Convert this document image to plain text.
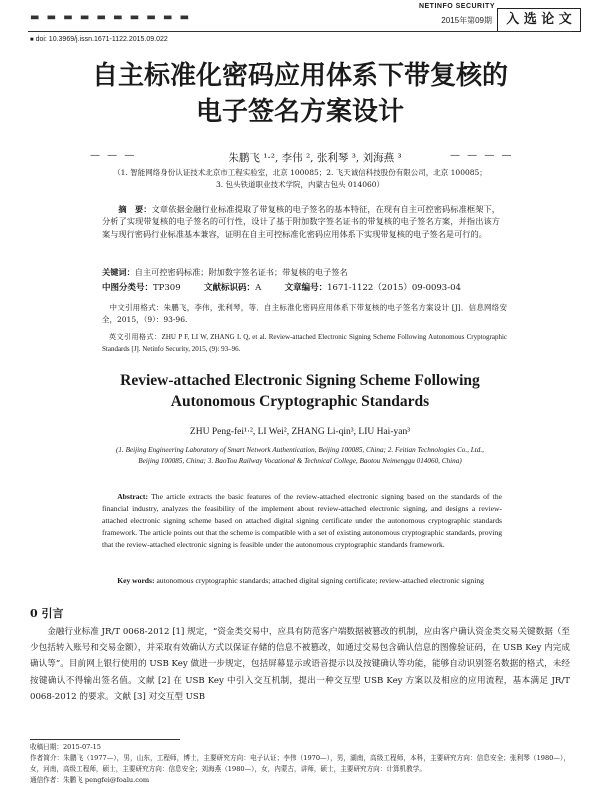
▬ ▬ ▬ ▬ ▬ ▬ ▬ ▬ ▬ ▬
NETINFO SECURITY
2015年第09期	入 选 论 文
■ doi: 10.3969/j.issn.1671-1122.2015.09.022
自主标准化密码应用体系下带复核的
电子签名方案设计
— — —	朱鹏飞 ¹·², 李伟 ², 张利琴 ³, 刘海燕 ³	— — — —
（1. 智能网络身份认证技术北京市工程实验室，北京 100085；2. 飞天诚信科技股份有限公司，北京 100085；
3. 包头铁道职业技术学院，内蒙古包头 014060）
摘　要：文章依据金融行业标准提取了带复核的电子签名的基本特征，在现有自主可控密码标准框架下，分析了实现带复核的电子签名的可行性，设计了基于附加数字签名证书的带复核的电子签名方案，并指出该方案与现行密码行业标准基本兼容，证明在自主可控标准化密码应用体系下实现带复核的电子签名是可行的。
关键词：自主可控密码标准；附加数字签名证书；带复核的电子签名
中图分类号：TP309	文献标识码：A	文章编号：1671-1122（2015）09-0093-04
中文引用格式：朱鹏飞，李伟，张利琴，等．自主标准化密码应用体系下带复核的电子签名方案设计 [J]．信息网络安全，2015，（9）：93-96.
英文引用格式：ZHU P F, LI W, ZHANG L Q, et al. Review-attached Electronic Signing Scheme Following Autonomous Cryptographic Standards [J]. Netinfo Security, 2015, (9): 93–96.
Review-attached Electronic Signing Scheme Following
Autonomous Cryptographic Standards
ZHU Peng-fei¹·², LI Wei², ZHANG Li-qin³, LIU Hai-yan³
(1. Beijing Engineering Laboratory of Smart Network Authentication, Beijing 100085, China; 2. Feitian Technologies Co., Ltd., Beijing 100085, China; 3. BaoTou Railway Vocational & Technical College, Baotou Neimenggu 014060, China)
Abstract: The article extracts the basic features of the review-attached electronic signing based on the standards of the financial industry, analyzes the feasibility of the implement about review-attached electronic signing, and designs a review-attached electronic signing scheme based on attached digital signing certificate under the autonomous cryptographic standards framework. The article points out that the scheme is compatible with a set of existing autonomous cryptographic standards, proving that the review-attached electronic signing is feasible under the autonomous cryptographic standards framework.
Key words: autonomous cryptographic standards; attached digital signing certificate; review-attached electronic signing
0 引言
金融行业标准 JR/T 0068-2012 [1] 规定，“资金类交易中，应具有防范客户端数据被篡改的机制，应由客户确认资金类交易关键数据（至少包括转入账号和交易金额），并采取有效确认方式以保证存储的信息不被篡改，如通过交易包含确认信息的图像验证码，在 USB Key 内完成确认等”。目前网上银行使用的 USB Key 做进一步规定，包括屏幕显示或语音提示以及按键确认等功能，能够自动识别签名数据的格式，未经按键确认不得输出签名值。文献 [2] 在 USB Key 中引入交互机制，提出一种交互型 USB Key 方案以及相应的应用流程，基本满足 JR/T 0068-2012 的要求。文献 [3] 对交互型 USB
收稿日期：2015-07-15
作者简介：朱鹏飞（1977—），男，山东，工程师，博士，主要研究方向：电子认证；李伟（1970—），男，湖南，高级工程师，本科，主要研究方向：信息安全；张利琴（1980—），女，河南，高级工程师，硕士，主要研究方向：信息安全；刘海燕（1980—），女，内蒙古，讲师，硕士，主要研究方向：计算机教学。
通信作者：朱鹏飞 pengfei@foalu.com
93
